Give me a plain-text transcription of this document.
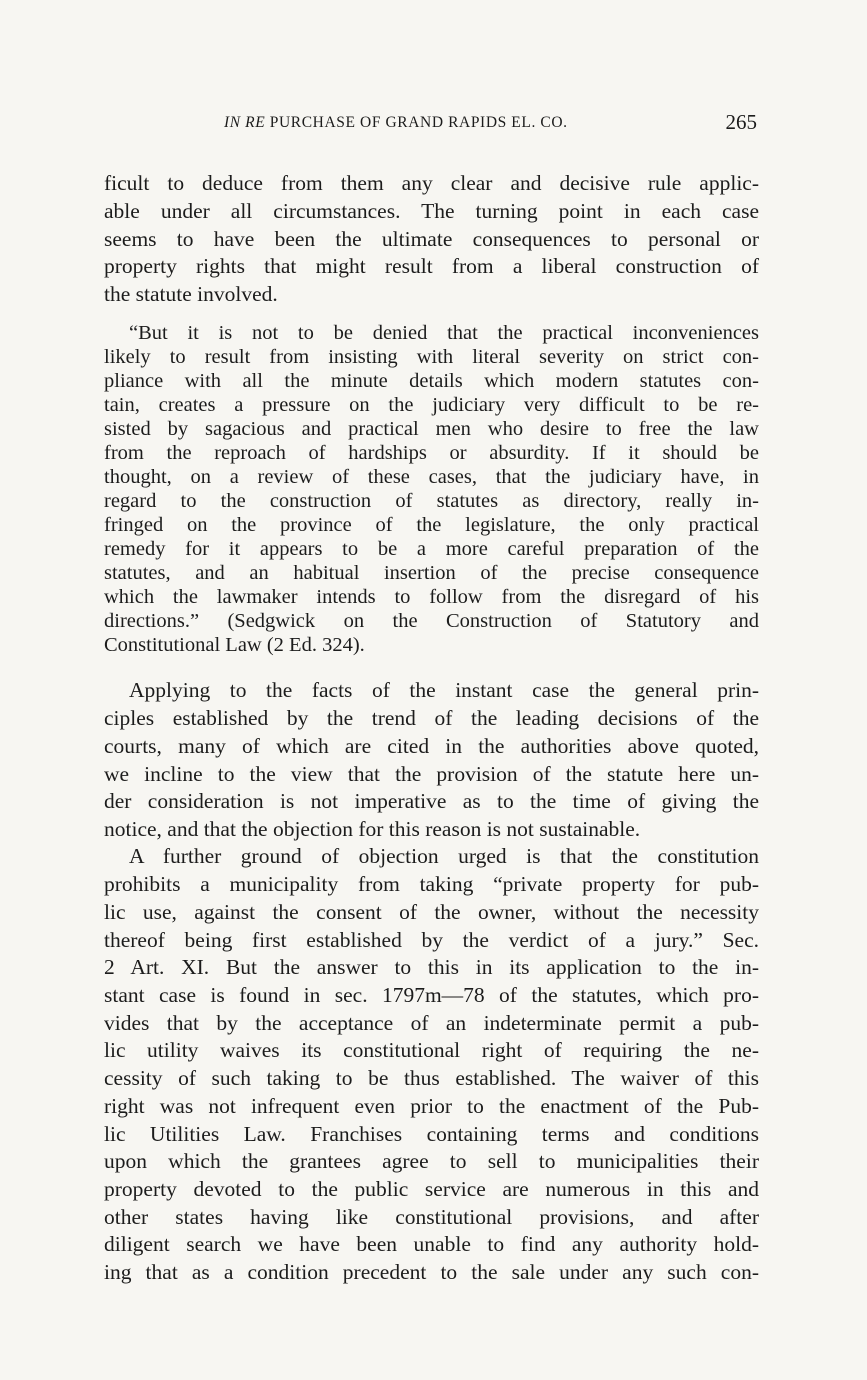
IN RE PURCHASE OF GRAND RAPIDS EL. CO.	265
ficult to deduce from them any clear and decisive rule applic-
able under all circumstances. The turning point in each case
seems to have been the ultimate consequences to personal or
property rights that might result from a liberal construction of
the statute involved.
“But it is not to be denied that the practical inconveniences
likely to result from insisting with literal severity on strict con-
pliance with all the minute details which modern statutes con-
tain, creates a pressure on the judiciary very difficult to be re-
sisted by sagacious and practical men who desire to free the law
from the reproach of hardships or absurdity. If it should be
thought, on a review of these cases, that the judiciary have, in
regard to the construction of statutes as directory, really in-
fringed on the province of the legislature, the only practical
remedy for it appears to be a more careful preparation of the
statutes, and an habitual insertion of the precise consequence
which the lawmaker intends to follow from the disregard of his
directions.” (Sedgwick on the Construction of Statutory and
Constitutional Law (2 Ed. 324).
Applying to the facts of the instant case the general prin-
ciples established by the trend of the leading decisions of the
courts, many of which are cited in the authorities above quoted,
we incline to the view that the provision of the statute here un-
der consideration is not imperative as to the time of giving the
notice, and that the objection for this reason is not sustainable.
A further ground of objection urged is that the constitution
prohibits a municipality from taking “private property for pub-
lic use, against the consent of the owner, without the necessity
thereof being first established by the verdict of a jury.” Sec.
2 Art. XI. But the answer to this in its application to the in-
stant case is found in sec. 1797m—78 of the statutes, which pro-
vides that by the acceptance of an indeterminate permit a pub-
lic utility waives its constitutional right of requiring the ne-
cessity of such taking to be thus established. The waiver of this
right was not infrequent even prior to the enactment of the Pub-
lic Utilities Law. Franchises containing terms and conditions
upon which the grantees agree to sell to municipalities their
property devoted to the public service are numerous in this and
other states having like constitutional provisions, and after
diligent search we have been unable to find any authority hold-
ing that as a condition precedent to the sale under any such con-
